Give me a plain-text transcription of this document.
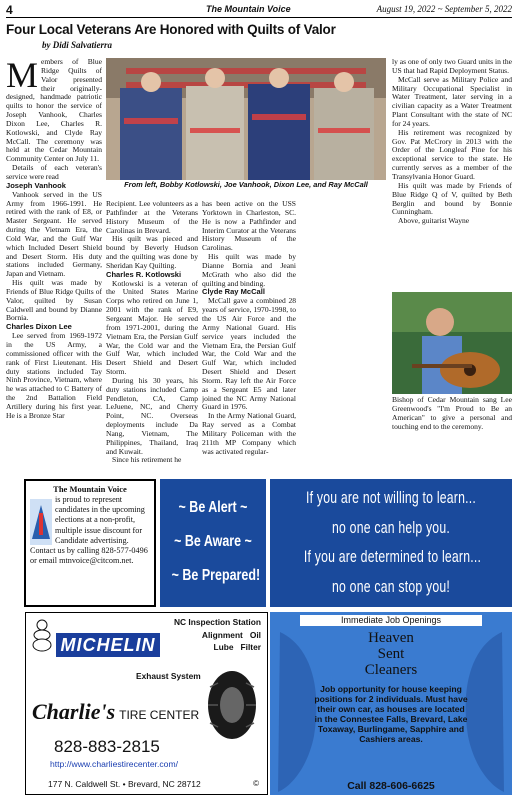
4	The Mountain Voice	August 19, 2022 ~ September 5, 2022
Four Local Veterans Are Honored with Quilts of Valor
by Didi Salvatierra
M embers of Blue Ridge Quilts of Valor presented their originally-designed, handmade patriotic quilts to honor the service of Joseph Vanhook, Charles Dixon Lee, Charles R. Kotlowski, and Clyde Ray McCall. The ceremony was held at the Cedar Mountain Community Center on July 11.

Details of each veteran's service were read

Joseph Vanhook

Vanhook served in the US Army from 1966-1991. He retired with the rank of E8, or Master Sergeant. He served during the Vietnam Era, the Cold War, and the Gulf War which Included Desert Shield and Desert Storm. His duty stations included Germany, Japan and Vietnam.

His quilt was made by Friends of Blue Ridge Quilts of Valor, quilted by Susan Caldwell and bound by Dianne Bornia.

Charles Dixon Lee

Lee served from 1969-1972 in the US Army, a commissioned officer with the rank of First Lieutenant. His duty stations included Tay Ninh Province, Vietnam, where he was attached to C Battery of the 2nd Battalion Field Artillery during his first year. He is a Bronze Star

From left, Bobby Kotlowski, Joe Vanhook, Dixon Lee, and Ray McCall

Recipient. Lee volunteers as a Pathfinder at the Veterans History Museum of the Carolinas in Brevard.

His quilt was pieced and bound by Beverly Hudson and the quilting was done by Sheridan Kay Quilting.

Charles R. Kotlowski

Kotlowski is a veteran of the United States Marine Corps who retired on June 1, 2001 with the rank of E9, Sergeant Major. He served from 1971-2001, during the Vietnam Era, the Persian Gulf War, the Cold war and the Gulf War, which included Desert Shield and Desert Storm.

During his 30 years, his duty stations included Camp Pendleton, CA, Camp LeJuene, NC, and Cherry Point, NC. Overseas deployments include Da Nang, Vietnam, The Philippines, Thailand, Iraq and Kuwait.

Since his retirement he

has been active on the USS Yorktown in Charleston, SC. He is now a Pathfinder and Interim Curator at the Veterans History Museum of the Carolinas.

His quilt was made by Dianne Bornia and Jeani McGrath who also did the quilting and binding.

Clyde Ray McCall

McCall gave a combined 28 years of service, 1970-1998, to the US Air Force and the Army National Guard. His service years included the Vietnam Era, the Persian Gulf War, the Cold War and the Gulf War, which included Desert Shield and Desert Storm. Ray left the Air Force as a Sergeant E5 and later joined the NC Army National Guard in 1976.

In the Army National Guard, Ray served as a Combat Military Policeman with the 211th MP Company which was activated regular-

ly as one of only two Guard units in the US that had Rapid Deployment Status.

McCall serve as Military Police and Military Occupational Specialist in Water Treatment, later serving in a civilian capacity as a Water Treatment Plant Consultant with the state of NC for 24 years.

His retirement was recognized by Gov. Pat McCrory in 2013 with the Order of the Longleaf Pine for his exceptional service to the state. He currently serves as a member of the Transylvania Honor Guard.

His quilt was made by Friends of Blue Ridge Q of V, quilted by Beth Berglin and bound by Bonnie Cunningham.

Above, guitarist Wayne

Bishop of Cedar Mountain sang Lee Greenwood's "I'm Proud to Be an American" to give a personal and touching end to the ceremony.

The Mountain Voice
is proud to represent candidates in the upcoming elections at a non-profit, multiple issue discount for Candidate advertising. Contact us by calling 828-577-0496 or email mtnvoice@citcom.net.
~ Be Alert ~
~ Be Aware ~
~ Be Prepared!
If you are not willing to learn...
no one can help you.
If you are determined to learn...
no one can stop you!
NC Inspection Station
Alignment   Oil
Lube   Filter
MICHELIN
Exhaust System
Charlie's TIRE CENTER
828-883-2815
http://www.charliestirecenter.com/
177 N. Caldwell St. • Brevard, NC 28712	©
Immediate Job Openings
Heaven
Sent
Cleaners
Job opportunity for house keeping positions for 2 individuals. Must have their own car, as houses are located in the Connestee Falls, Brevard, Lake Toxaway, Burlingame, Sapphire and Cashiers areas.
Call 828-606-6625
